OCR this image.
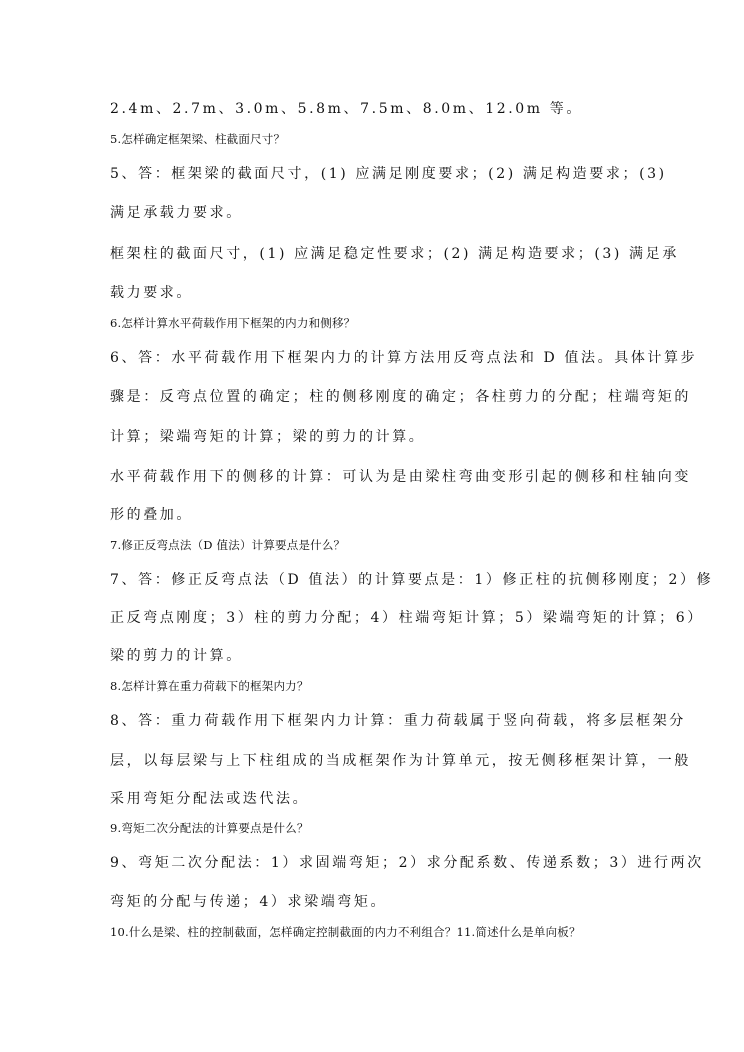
2.4m、2.7m、3.0m、5.8m、7.5m、8.0m、12.0m 等。
5.怎样确定框架梁、柱截面尺寸？
5、答：框架梁的截面尺寸，(1) 应满足刚度要求；(2) 满足构造要求；(3)
满足承载力要求。
框架柱的截面尺寸，(1) 应满足稳定性要求；(2) 满足构造要求；(3) 满足承
载力要求。
6.怎样计算水平荷载作用下框架的内力和侧移？
6、答：水平荷载作用下框架内力的计算方法用反弯点法和 D 值法。具体计算步
骤是：反弯点位置的确定；柱的侧移刚度的确定；各柱剪力的分配；柱端弯矩的
计算；梁端弯矩的计算；梁的剪力的计算。
水平荷载作用下的侧移的计算：可认为是由梁柱弯曲变形引起的侧移和柱轴向变
形的叠加。
7.修正反弯点法（D 值法）计算要点是什么？
7、答：修正反弯点法（D 值法）的计算要点是：1）修正柱的抗侧移刚度；2）修
正反弯点刚度；3）柱的剪力分配；4）柱端弯矩计算；5）梁端弯矩的计算；6）
梁的剪力的计算。
8.怎样计算在重力荷载下的框架内力？
8、答：重力荷载作用下框架内力计算：重力荷载属于竖向荷载，将多层框架分
层，以每层梁与上下柱组成的当成框架作为计算单元，按无侧移框架计算，一般
采用弯矩分配法或迭代法。
9.弯矩二次分配法的计算要点是什么？
9、弯矩二次分配法：1）求固端弯矩；2）求分配系数、传递系数；3）进行两次
弯矩的分配与传递；4）求梁端弯矩。
10.什么是梁、柱的控制截面，怎样确定控制截面的内力不利组合？11.简述什么是单向板？
